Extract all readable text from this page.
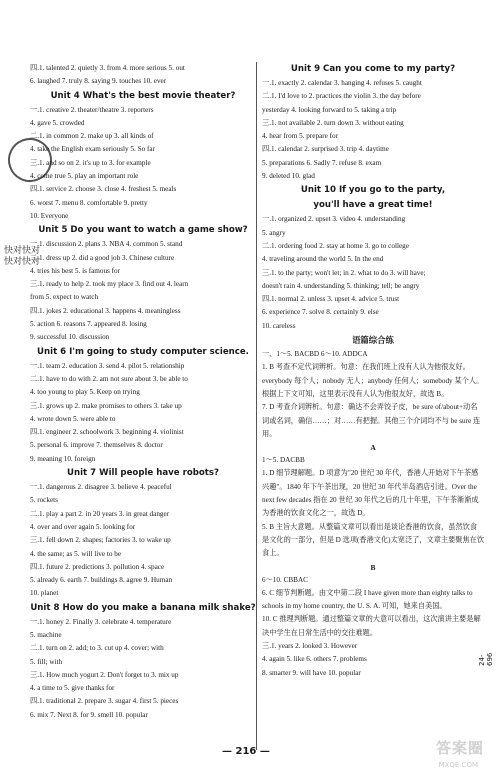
四.1. talented 2. quietly 3. from 4. more serious 5. out
6. laughed 7. truly 8. saying 9. touches 10. ever
Unit 4 What's the best movie theater?
一.1. creative 2. theater/theatre 3. reporters
4. gave 5. crowded
二.1. in common 2. make up 3. all kinds of
4. take the English exam seriously 5. So far
三.1. and so on 2. it's up to 3. for example
4. come true 5. play an important role
四.1. service 2. choose 3. close 4. freshest 5. meals
6. worst 7. menu 8. comfortable 9. pretty
10. Everyone
Unit 5 Do you want to watch a game show?
一.1. discussion 2. plans 3. NBA 4. common 5. stand
二.1. dress up 2. did a good job 3. Chinese culture
4. tries his best 5. is famous for
三.1. ready to help 2. took my place 3. find out 4. learn
from 5. expect to watch
四.1. jokes 2. educational 3. happens 4. meaningless
5. action 6. reasons 7. appeared 8. losing
9. successful 10. discussion
Unit 6 I'm going to study computer science.
一.1. team 2. education 3. send 4. pilot 5. relationship
二.1. have to do with 2. am not sure about 3. be able to
4. too young to play 5. Keep on trying
三.1. grows up 2. make promises to others 3. take up
4. wrote down 5. were able to
四.1. engineer 2. schoolwork 3. beginning 4. violinist
5. personal 6. improve 7. themselves 8. doctor
9. meaning 10. foreign
Unit 7 Will people have robots?
一.1. dangerous 2. disagree 3. believe 4. peaceful
5. rockets
二.1. play a part 2. in 20 years 3. in great danger
4. over and over again 5. looking for
三.1. fell down 2. shapes; factories 3. to wake up
4. the same; as 5. will live to be
四.1. future 2. predictions 3. pollution 4. space
5. already 6. earth 7. buildings 8. agree 9. Human
10. planet
Unit 8 How do you make a banana milk shake?
一.1. honey 2. Finally 3. celebrate 4. temperature
5. machine
二.1. turn on 2. add; to 3. cut up 4. cover; with
5. fill; with
三.1. How much yogurt 2. Don't forget to 3. mix up
4. a time to 5. give thanks for
四.1. traditional 2. prepare 3. sugar 4. first 5. pieces
6. mix 7. Next 8. for 9. smell 10. popular
Unit 9 Can you come to my party?
一.1. exactly 2. calendar 3. hanging 4. refuses 5. caught
二.1. I'd love to 2. practices the violin 3. the day before
yesterday 4. looking forward to 5. taking a trip
三.1. not available 2. turn down 3. without eating
4. hear from 5. prepare for
四.1. calendar 2. surprised 3. trip 4. daytime
5. preparations 6. Sadly 7. refuse 8. exam
9. deleted 10. glad
Unit 10 If you go to the party,
you'll have a great time!
一.1. organized 2. upset 3. video 4. understanding
5. angry
二.1. ordering food 2. stay at home 3. go to college
4. traveling around the world 5. In the end
三.1. to the party; won't let; in 2. what to do 3. will have;
doesn't rain 4. understanding 5. thinking; tell; be angry
四.1. normal 2. unless 3. upset 4. advice 5. trust
6. experience 7. solve 8. certainly 9. else
10. careless
语篇综合练
一、1～5. BACBD 6～10. ADDCA
1. B 考查不定代词辨析。句意：在我们班上没有人认为他很友好。everybody 每个人；nobody 无人；anybody 任何人；somebody 某个人。根据上下文可知，这里表示没有人认为他很友好，故选 B。
7. D 考查介词辨析。句意：确达不会弄饺子皮，be sure of/about+动名词或名词，确信……；对……有把握。其他三个介词均不与 be sure 连用。
A
1～5. DACBB
1. D 细节理解题。D 项意为"20 世纪 30 年代，香港人开始对下午茶感兴趣"。1840 年下午茶出现，20 世纪 30 年代半岛酒店引进。Over the next few decades 指在 20 世纪 30 年代之后的几十年里，下午茶渐渐成为香港的饮食文化之一，故选 D。
5. B 主旨大意题。从整篇文章可以看出是谈论香港的饮食，虽然饮食是文化的一部分，但是 D 选项(香港文化)太宽泛了，文章主要聚焦在饮食上。
B
6～10. CBBAC
6. C 细节判断题。由文中第二段 I have given more than eighty talks to schools in my home country, the U. S. A. 可知，她来自美国。
10. C 推理判断题。通过整篇文章的大意可以看出，这次演讲主要是解决中学生在日常生活中的交往难题。
三.1. years 2. looked 3. However
4. again 5. like 6. others 7. problems
8. smarter 9. will have 10. popular
快对快对
快对快对
— 216 —
24-696
答案圈
MXQE.COM
